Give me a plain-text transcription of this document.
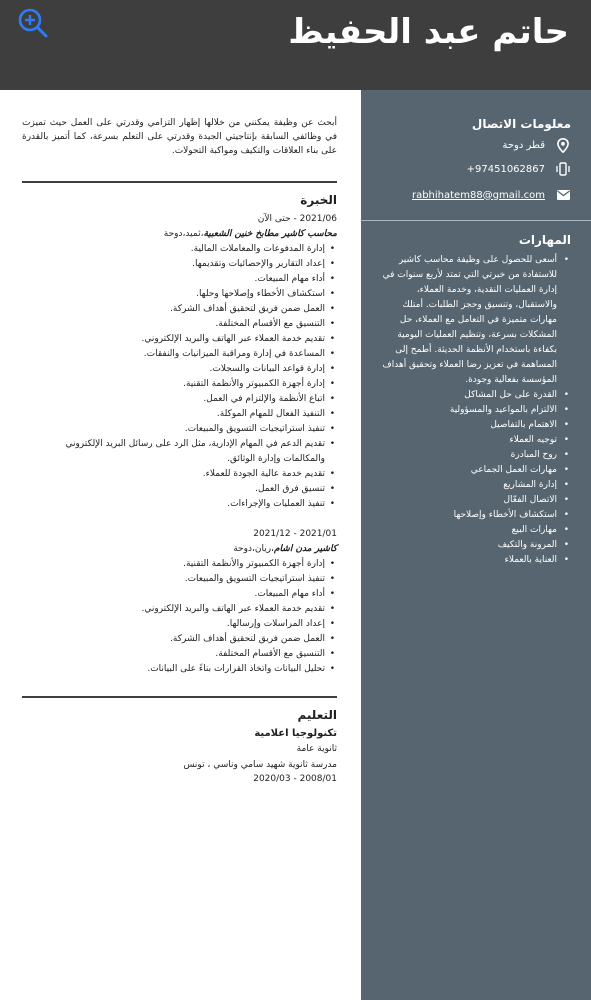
حاتم عبد الحفيظ
معلومات الاتصال
قطر دوحة
+97451062867
rabhihatem88@gmail.com
المهارات
• أسعى للحصول على وظيفة محاسب كاشير للاستفادة من خبرتي التي تمتد لأربع سنوات في إدارة العمليات النقدية، وخدمة العملاء، والاستقبال، وتنسيق وحجز الطلبات. أمتلك مهارات متميزة في التعامل مع العملاء، حل المشكلات بسرعة، وتنظيم العمليات اليومية بكفاءة باستخدام الأنظمة الحديثة. أطمح إلى المساهمة في تعزيز رضا العملاء وتحقيق أهداف المؤسسة بفعالية وجودة.
• القدرة على حل المشاكل
• الالتزام بالمواعيد والمسؤولية
• الاهتمام بالتفاصيل
• توجيه العملاء
• روح المبادرة
• مهارات العمل الجماعي
• إدارة المشاريع
• الاتصال الفعّال
• استكشاف الأخطاء وإصلاحها
• مهارات البيع
• المرونة والتكيف
• العناية بالعملاء

أبحث عن وظيفة يمكنني من خلالها إظهار التزامي وقدرتي على العمل حيث تميزت في وظائفي السابقة بإنتاجيتي الجيدة وقدرتي على التعلم بسرعة، كما أتميز بالقدرة على بناء العلاقات والتكيف ومواكبة التحولات.

الخبرة
2021/06 - حتى الآن
محاسب كاشير مطابخ خنين الشعبية،ثميد،دوحة
• إدارة المدفوعات والمعاملات المالية.
• إعداد التقارير والإحصائيات وتقديمها.
• أداء مهام المبيعات.
• استكشاف الأخطاء وإصلاحها وحلها.
• العمل ضمن فريق لتحقيق أهداف الشركة.
• التنسيق مع الأقسام المختلفة.
• تقديم خدمة العملاء عبر الهاتف والبريد الإلكتروني.
• المساعدة في إدارة ومراقبة الميزانيات والنفقات.
• إدارة قواعد البيانات والسجلات.
• إدارة أجهزة الكمبيوتر والأنظمة التقنية.
• اتباع الأنظمة والإلتزام في العمل.
• التنفيذ الفعال للمهام الموكلة.
• تنفيذ استراتيجيات التسويق والمبيعات.
• تقديم الدعم في المهام الإدارية، مثل الرد على رسائل البريد الإلكتروني والمكالمات وإدارة الوثائق.
• تقديم خدمة عالية الجودة للعملاء.
• تنسيق فرق العمل.
• تنفيذ العمليات والإجراءات.
2021/01 - 2021/12
كاشير مدن اشام،ريان،دوحة
• إدارة أجهزة الكمبيوتر والأنظمة التقنية.
• تنفيذ استراتيجيات التسويق والمبيعات.
• أداء مهام المبيعات.
• تقديم خدمة العملاء عبر الهاتف والبريد الإلكتروني.
• إعداد المراسلات وإرسالها.
• العمل ضمن فريق لتحقيق أهداف الشركة.
• التنسيق مع الأقسام المختلفة.
• تحليل البيانات واتخاذ القرارات بناءً على البيانات.
التعليم
تكنولوجيا اعلامية
ثانوية عامة
مدرسة ثانوية شهيد سامي وناسي ، تونس
2008/01 - 2020/03
